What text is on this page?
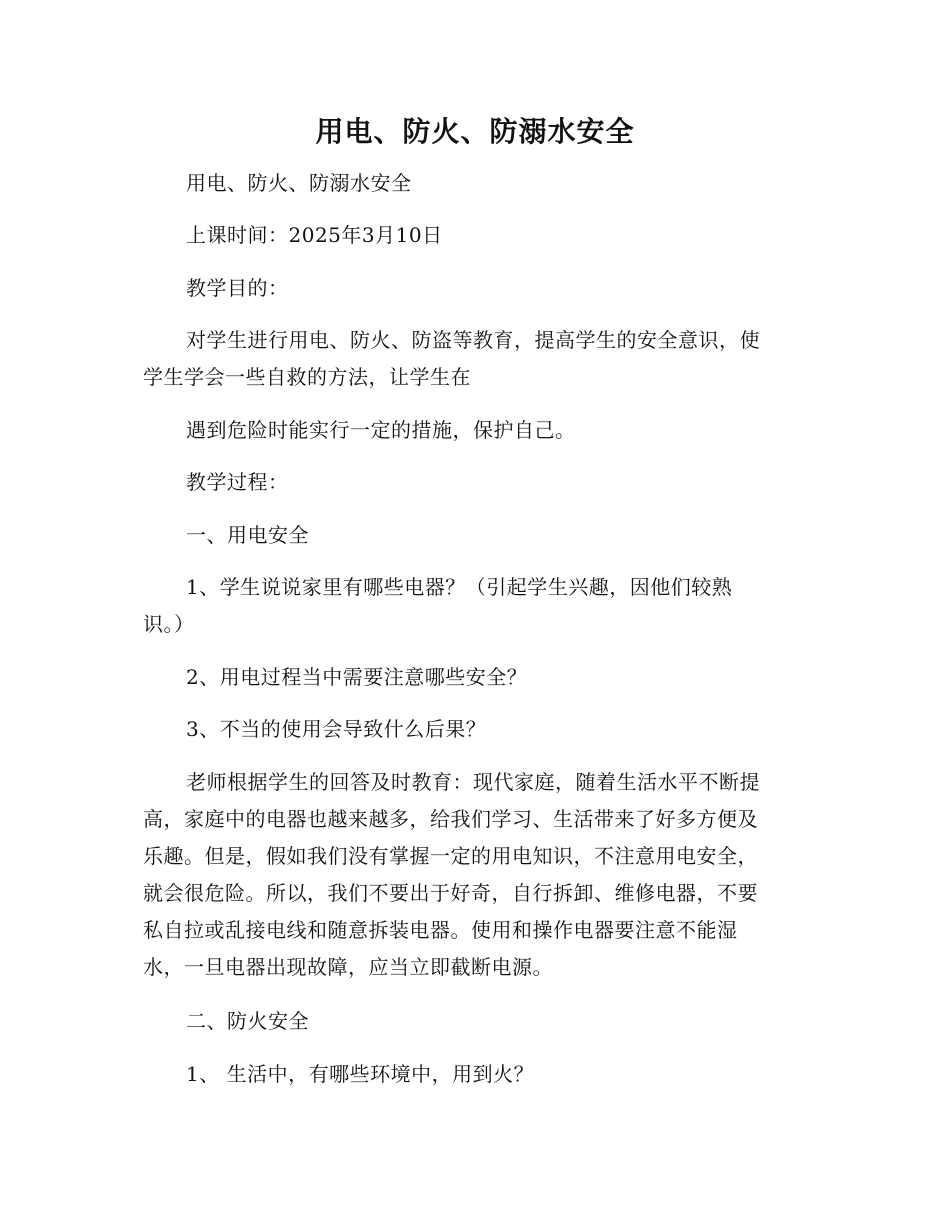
用电、防火、防溺水安全

用电、防火、防溺水安全

上课时间：2025年3月10日

教学目的：

对学生进行用电、防火、防盗等教育，提高学生的安全意识，使
学生学会一些自救的方法，让学生在

遇到危险时能实行一定的措施，保护自己。

教学过程：

一、用电安全

1、学生说说家里有哪些电器？（引起学生兴趣，因他们较熟
识。）

2、用电过程当中需要注意哪些安全？

3、不当的使用会导致什么后果？

老师根据学生的回答及时教育：现代家庭，随着生活水平不断提
高，家庭中的电器也越来越多，给我们学习、生活带来了好多方便及
乐趣。但是，假如我们没有掌握一定的用电知识，不注意用电安全，
就会很危险。所以，我们不要出于好奇，自行拆卸、维修电器，不要
私自拉或乱接电线和随意拆装电器。使用和操作电器要注意不能湿
水，一旦电器出现故障，应当立即截断电源。

二、防火安全

1、 生活中，有哪些环境中，用到火？
